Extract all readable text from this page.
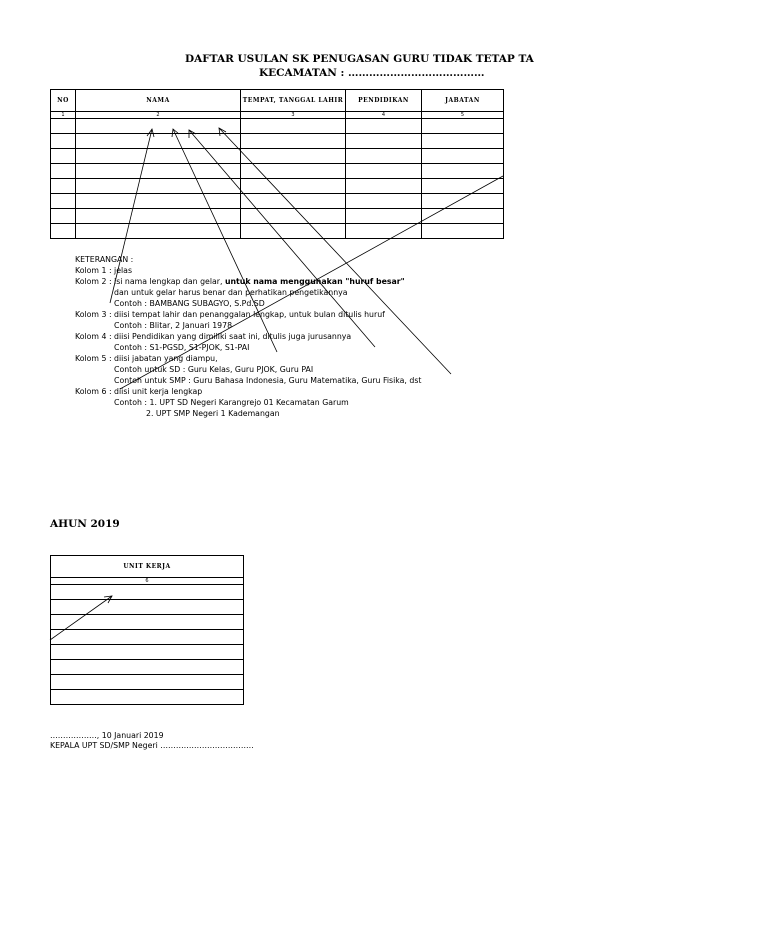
DAFTAR USULAN SK PENUGASAN GURU TIDAK TETAP TA
KECAMATAN : …………………………………
NO	NAMA	TEMPAT, TANGGAL LAHIR	PENDIDIKAN	JABATAN
1	2	3	4	5

KETERANGAN :
Kolom 1 : jelas
Kolom 2 : isi nama lengkap dan gelar, untuk nama menggunakan "huruf besar"
dan untuk gelar harus benar dan perhatikan pengetikannya
Contoh : BAMBANG SUBAGYO, S.Pd.SD
Kolom 3 : diisi tempat lahir dan penanggalan lengkap, untuk bulan ditulis huruf
Contoh : Blitar, 2 Januari 1978
Kolom 4 : diisi Pendidikan yang dimiliki saat ini, ditulis juga jurusannya
Contoh : S1-PGSD, S1-PJOK, S1-PAI
Kolom 5 : diisi jabatan yang diampu,
Contoh untuk SD : Guru Kelas, Guru PJOK, Guru PAI
Contoh untuk SMP : Guru Bahasa Indonesia, Guru Matematika, Guru Fisika, dst
Kolom 6 : diisi unit kerja lengkap
Contoh : 1. UPT SD Negeri Karangrejo 01 Kecamatan Garum
2. UPT SMP Negeri 1 Kademangan
AHUN 2019
UNIT KERJA
6

………………, 10 Januari 2019
KEPALA UPT SD/SMP Negeri ………………………………
